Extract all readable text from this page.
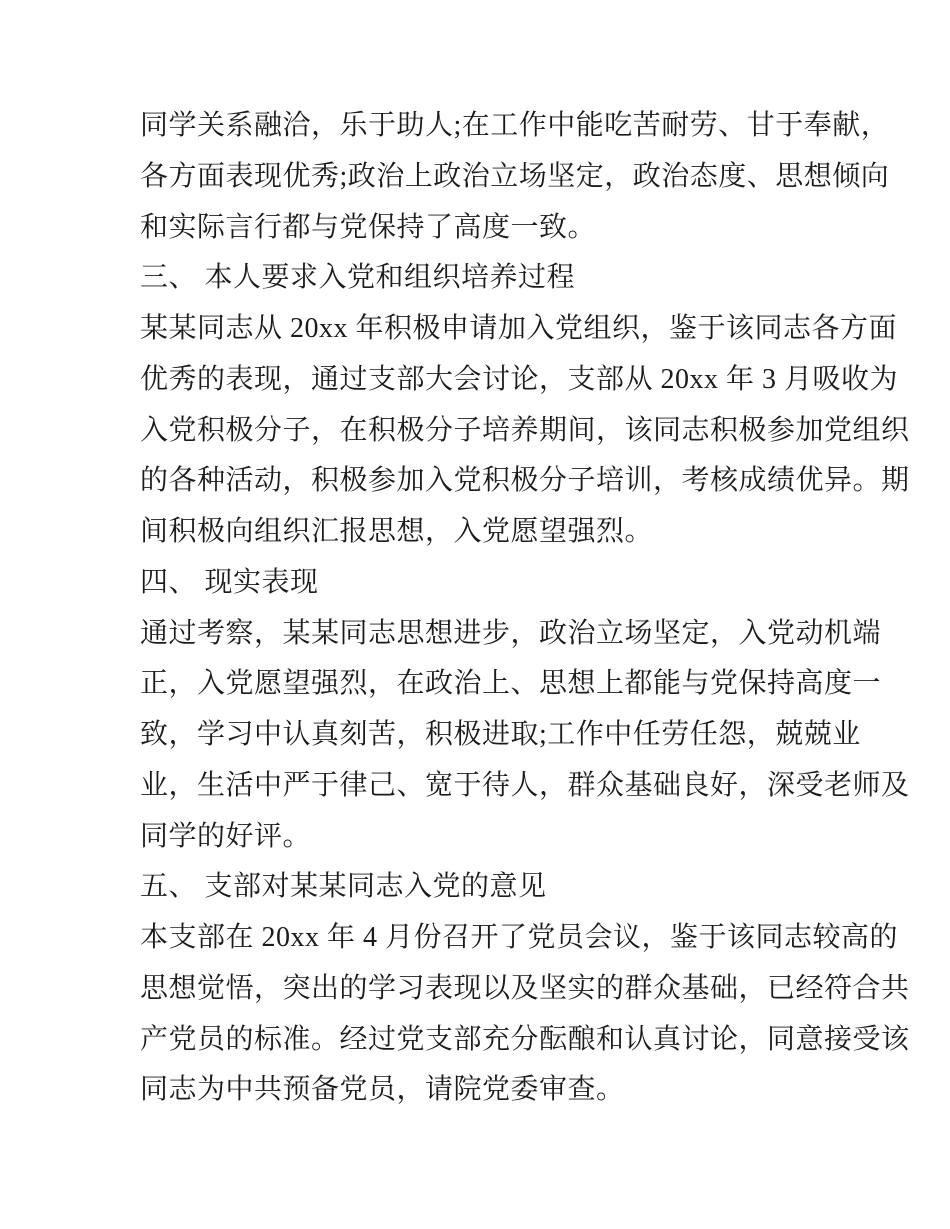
同学关系融洽，乐于助人;在工作中能吃苦耐劳、甘于奉献，
各方面表现优秀;政治上政治立场坚定，政治态度、思想倾向
和实际言行都与党保持了高度一致。
三、 本人要求入党和组织培养过程
某某同志从 20xx 年积极申请加入党组织，鉴于该同志各方面
优秀的表现，通过支部大会讨论，支部从 20xx 年 3 月吸收为
入党积极分子，在积极分子培养期间，该同志积极参加党组织
的各种活动，积极参加入党积极分子培训，考核成绩优异。期
间积极向组织汇报思想，入党愿望强烈。
四、 现实表现
通过考察，某某同志思想进步，政治立场坚定，入党动机端
正，入党愿望强烈，在政治上、思想上都能与党保持高度一
致，学习中认真刻苦，积极进取;工作中任劳任怨，兢兢业
业，生活中严于律己、宽于待人，群众基础良好，深受老师及
同学的好评。
五、 支部对某某同志入党的意见
本支部在 20xx 年 4 月份召开了党员会议，鉴于该同志较高的
思想觉悟，突出的学习表现以及坚实的群众基础，已经符合共
产党员的标准。经过党支部充分酝酿和认真讨论，同意接受该
同志为中共预备党员，请院党委审查。
